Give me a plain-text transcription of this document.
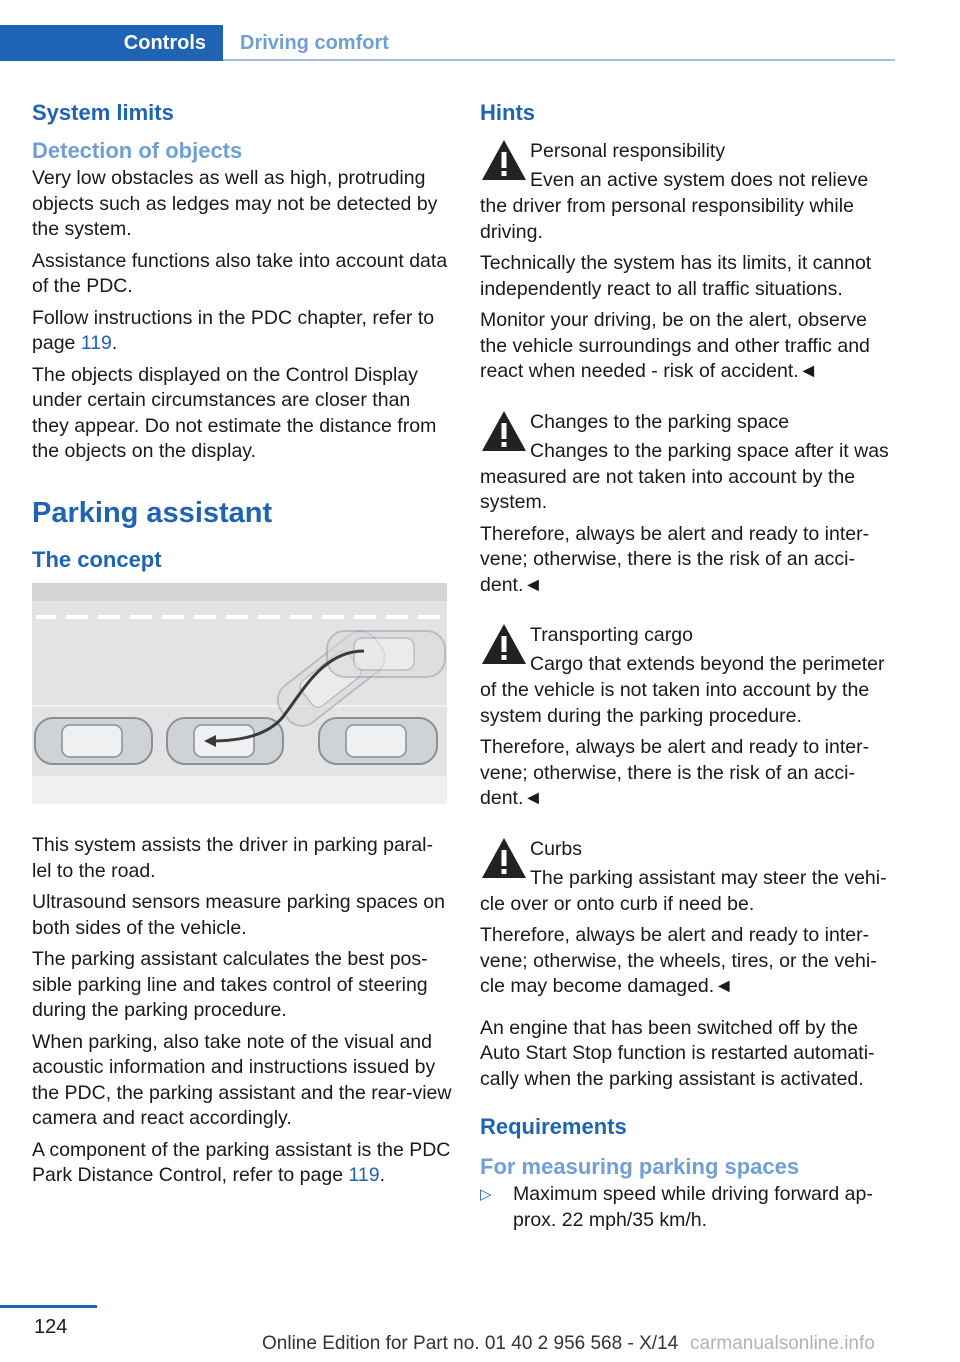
Controls	Driving comfort
System limits
Detection of objects

Very low obstacles as well as high, protruding objects such as ledges may not be detected by the system.

Assistance functions also take into account data of the PDC.

Follow instructions in the PDC chapter, refer to page 119.

The objects displayed on the Control Display under certain circumstances are closer than they appear. Do not estimate the distance from the objects on the display.

Parking assistant
The concept

This system assists the driver in parking paral‐lel to the road.

Ultrasound sensors measure parking spaces on both sides of the vehicle.

The parking assistant calculates the best pos‐sible parking line and takes control of steering during the parking procedure.

When parking, also take note of the visual and acoustic information and instructions issued by the PDC, the parking assistant and the rear‐view camera and react accordingly.

A component of the parking assistant is the PDC Park Distance Control, refer to page 119.

Hints
Personal responsibility
Even an active system does not relieve

the driver from personal responsibility while driving.

Technically the system has its limits, it cannot independently react to all traffic situations.

Monitor your driving, be on the alert, observe the vehicle surroundings and other traffic and react when needed - risk of accident.◄

Changes to the parking space
Changes to the parking space after it was

measured are not taken into account by the system.

Therefore, always be alert and ready to inter‐vene; otherwise, there is the risk of an acci‐dent.◄

Transporting cargo
Cargo that extends beyond the perimeter

of the vehicle is not taken into account by the system during the parking procedure.

Therefore, always be alert and ready to inter‐vene; otherwise, there is the risk of an acci‐dent.◄

Curbs
The parking assistant may steer the vehi‐

cle over or onto curb if need be.

Therefore, always be alert and ready to inter‐vene; otherwise, the wheels, tires, or the vehi‐cle may become damaged.◄

An engine that has been switched off by the Auto Start Stop function is restarted automati‐cally when the parking assistant is activated.

Requirements
For measuring parking spaces
▷	Maximum speed while driving forward ap‐prox. 22 mph/35 km/h.
124
Online Edition for Part no. 01 40 2 956 568 - X/14 carmanualsonline.info
